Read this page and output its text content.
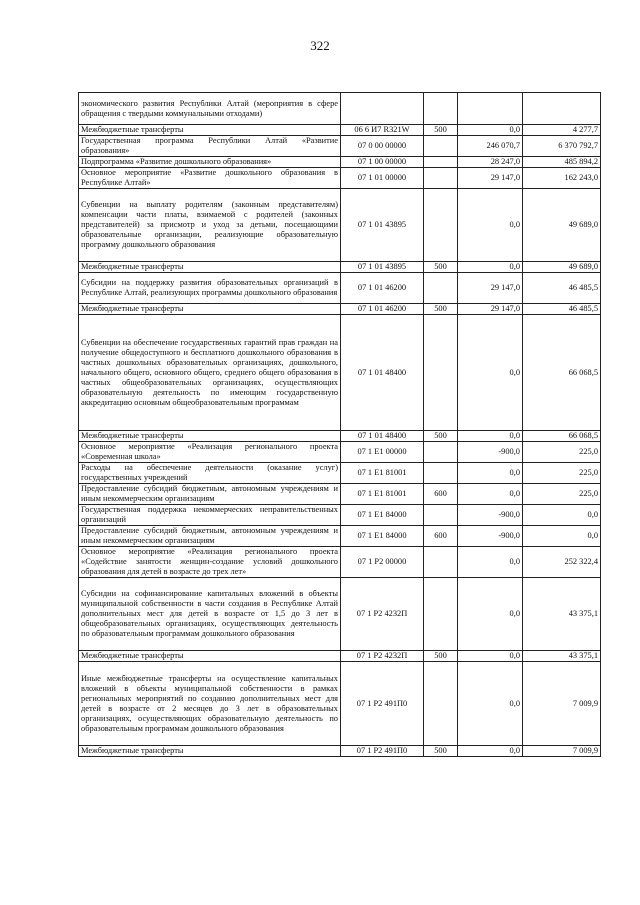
322
экономического развития Республики Алтай (мероприятия в сфере обращения с твердыми коммунальными отходами)				
Межбюджетные трансферты	06 6 И7 R321W	500	0,0	4 277,7
Государственная программа Республики Алтай «Развитие образования»	07 0 00 00000		246 070,7	6 370 792,7
Подпрограмма «Развитие дошкольного образования»	07 1 00 00000		28 247,0	485 894,2
Основное мероприятие «Развитие дошкольного образования в Республике Алтай»	07 1 01 00000		29 147,0	162 243,0
Субвенции на выплату родителям (законным представителям) компенсации части платы, взимаемой с родителей (законных представителей) за присмотр и уход за детьми, посещающими образовательные организации, реализующие образовательную программу дошкольного образования	07 1 01 43895		0,0	49 689,0
Межбюджетные трансферты	07 1 01 43895	500	0,0	49 689,0
Субсидии на поддержку развития образовательных организаций в Республике Алтай, реализующих программы дошкольного образования	07 1 01 46200		29 147,0	46 485,5
Межбюджетные трансферты	07 1 01 46200	500	29 147,0	46 485,5
Субвенции на обеспечение государственных гарантий прав граждан на получение общедоступного и бесплатного дошкольного образования в частных дошкольных образовательных организациях, дошкольного, начального общего, основного общего, среднего общего образования в частных общеобразовательных организациях, осуществляющих образовательную деятельность по имеющим государственную аккредитацию основным общеобразовательным программам	07 1 01 48400		0,0	66 068,5
Межбюджетные трансферты	07 1 01 48400	500	0,0	66 068,5
Основное мероприятие «Реализация регионального проекта «Современная школа»	07 1 E1 00000		-900,0	225,0
Расходы на обеспечение деятельности (оказание услуг) государственных учреждений	07 1 E1 81001		0,0	225,0
Предоставление субсидий бюджетным, автономным учреждениям и иным некоммерческим организациям	07 1 E1 81001	600	0,0	225,0
Государственная поддержка некоммерческих неправительственных организаций	07 1 E1 84000		-900,0	0,0
Предоставление субсидий бюджетным, автономным учреждениям и иным некоммерческим организациям	07 1 E1 84000	600	-900,0	0,0
Основное мероприятие «Реализация регионального проекта «Содействие занятости женщин-создание условий дошкольного образования для детей в возрасте до трех лет»	07 1 P2 00000		0,0	252 322,4
Субсидии на софинансирование капитальных вложений в объекты муниципальной собственности в части создания в Республике Алтай дополнительных мест для детей в возрасте от 1,5 до 3 лет в общеобразовательных организациях, осуществляющих деятельность по образовательным программам дошкольного образования	07 1 P2 4232П		0,0	43 375,1
Межбюджетные трансферты	07 1 P2 4232П	500	0,0	43 375,1
Иные межбюджетные трансферты на осуществление капитальных вложений в объекты муниципальной собственности в рамках региональных мероприятий по созданию дополнительных мест для детей в возрасте от 2 месяцев до 3 лет в образовательных организациях, осуществляющих образовательную деятельность по образовательным программам дошкольного образования	07 1 P2 491П0		0,0	7 009,9
Межбюджетные трансферты	07 1 P2 491П0	500	0,0	7 009,9
